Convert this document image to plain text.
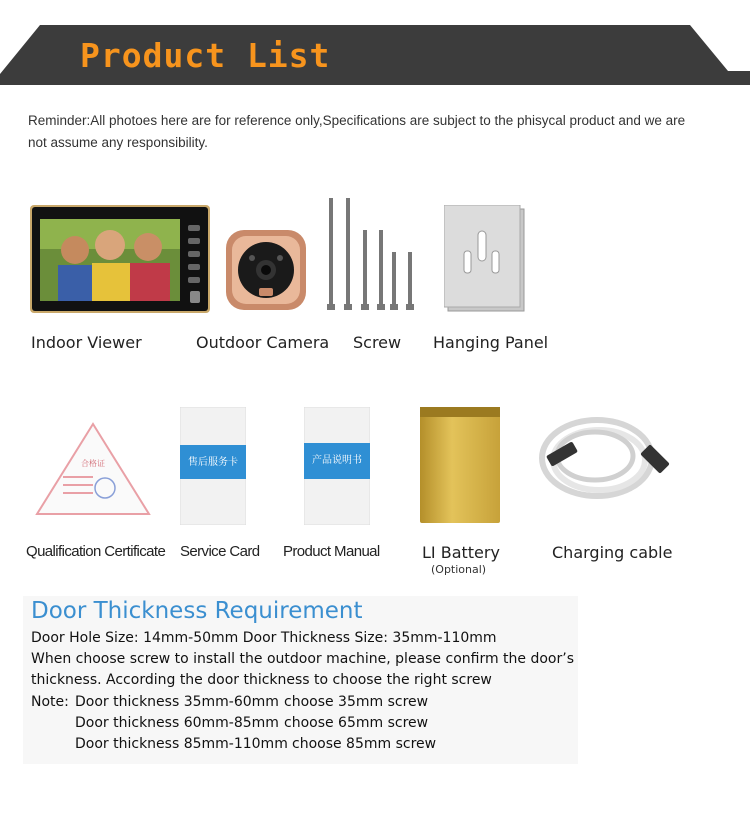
Product List
Reminder:All photoes here are for reference only,Specifications are subject to the phisycal product and we are
not assume any responsibility.
Indoor Viewer	Outdoor Camera Screw Hanging Panel
合格证
Qualification Certificate
售后服务卡
Service Card
产品说明书
Product Manual	LI Battery
(Optional)
Charging cable
Door Thickness Requirement
Door Hole Size: 14mm-50mm Door Thickness Size: 35mm-110mm
When choose screw to install the outdoor machine, please confirm the door’s
thickness. According the door thickness to choose the right screw
Note: Door thickness 35mm-60mm choose 35mm screw
Door thickness 60mm-85mm choose 65mm screw
Door thickness 85mm-110mm choose 85mm screw
